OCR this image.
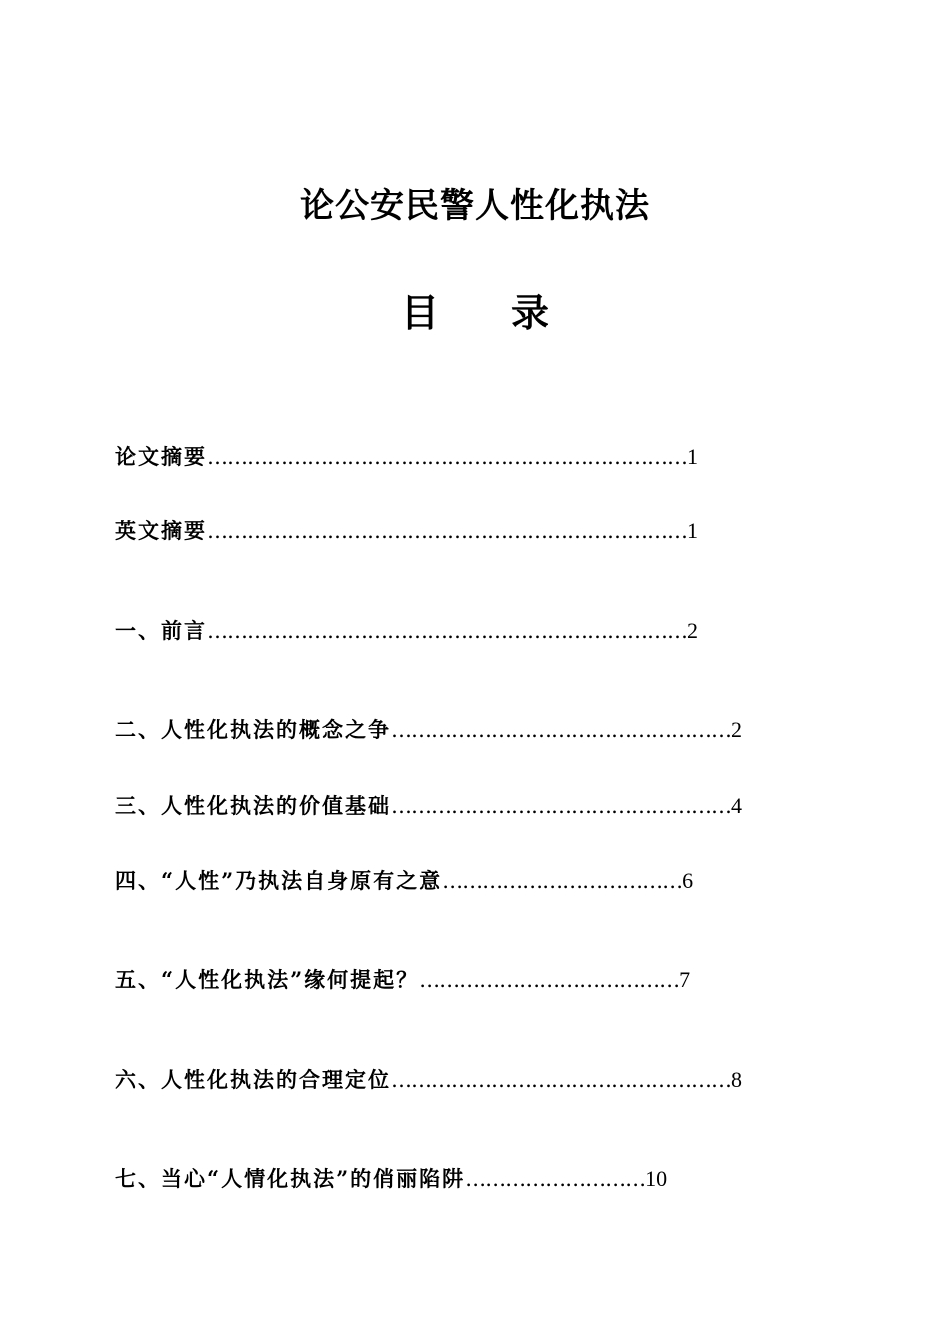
论公安民警人性化执法
目 录
论文摘要 ……………………………………………………………… 1
英文摘要 ……………………………………………………………… 1
一、前言 ……………………………………………………………… 2
二、人性化执法的概念之争 …………………………………………… 2
三、人性化执法的价值基础 …………………………………………… 4
四、“人性”乃执法自身原有之意 ……………………………… 6
五、“人性化执法”缘何提起？ ………………………………… 7
六、人性化执法的合理定位 …………………………………………… 8
七、当心“人情化执法”的俏丽陷阱 ……………………… 10
